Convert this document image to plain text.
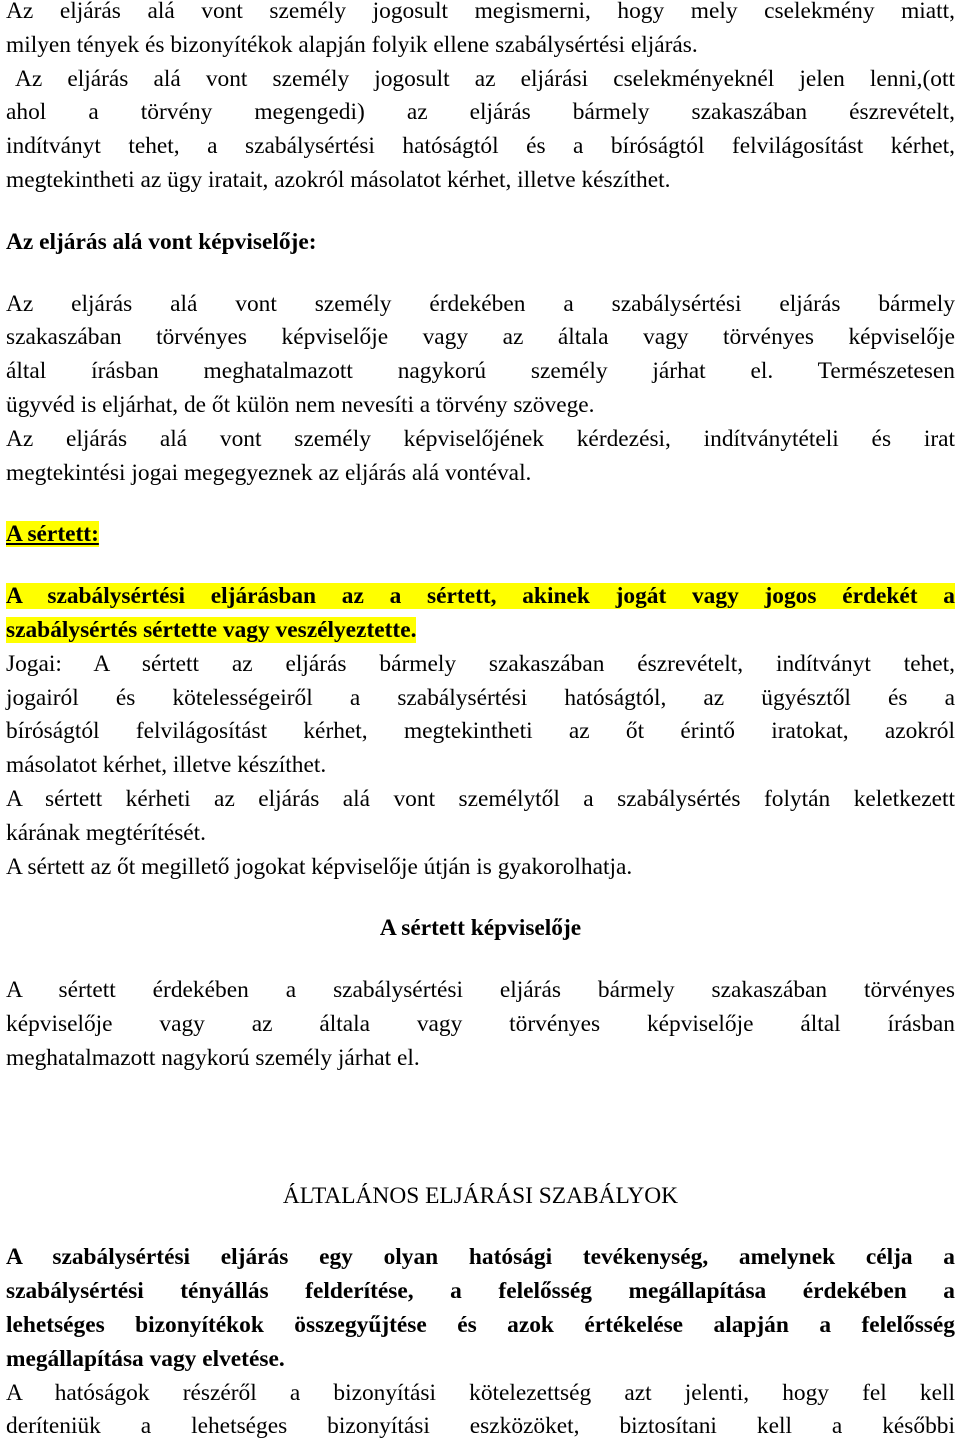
Az eljárás alá vont személy jogosult megismerni, hogy mely cselekmény miatt,

milyen tények és bizonyítékok alapján folyik ellene szabálysértési eljárás.

Az eljárás alá vont személy jogosult az eljárási cselekményeknél jelen lenni,(ott

ahol a törvény megengedi) az eljárás bármely szakaszában észrevételt,

indítványt tehet, a szabálysértési hatóságtól és a bíróságtól felvilágosítást kérhet,

megtekintheti az ügy iratait, azokról másolatot kérhet, illetve készíthet.

Az eljárás alá vont képviselője:

Az eljárás alá vont személy érdekében a szabálysértési eljárás bármely

szakaszában törvényes képviselője vagy az általa vagy törvényes képviselője

által írásban meghatalmazott nagykorú személy járhat el. Természetesen

ügyvéd is eljárhat, de őt külön nem nevesíti a törvény szövege.

Az eljárás alá vont személy képviselőjének kérdezési, indítványtételi és irat

megtekintési jogai megegyeznek az eljárás alá vontéval.

A sértett:

A szabálysértési eljárásban az a sértett, akinek jogát vagy jogos érdekét a

szabálysértés sértette vagy veszélyeztette.

Jogai: A sértett az eljárás bármely szakaszában észrevételt, indítványt tehet,

jogairól és kötelességeiről a szabálysértési hatóságtól, az ügyésztől és a

bíróságtól felvilágosítást kérhet, megtekintheti az őt érintő iratokat, azokról

másolatot kérhet, illetve készíthet.

A sértett kérheti az eljárás alá vont személytől a szabálysértés folytán keletkezett

kárának megtérítését.

A sértett az őt megillető jogokat képviselője útján is gyakorolhatja.

A sértett képviselője

A sértett érdekében a szabálysértési eljárás bármely szakaszában törvényes

képviselője vagy az általa vagy törvényes képviselője által írásban

meghatalmazott nagykorú személy járhat el.

ÁLTALÁNOS ELJÁRÁSI SZABÁLYOK

A szabálysértési eljárás egy olyan hatósági tevékenység, amelynek célja a

szabálysértési tényállás felderítése, a felelősség megállapítása érdekében a

lehetséges bizonyítékok összegyűjtése és azok értékelése alapján a felelősség

megállapítása vagy elvetése.

A hatóságok részéről a bizonyítási kötelezettség azt jelenti, hogy fel kell

deríteniük a lehetséges bizonyítási eszközöket, biztosítani kell a későbbi
